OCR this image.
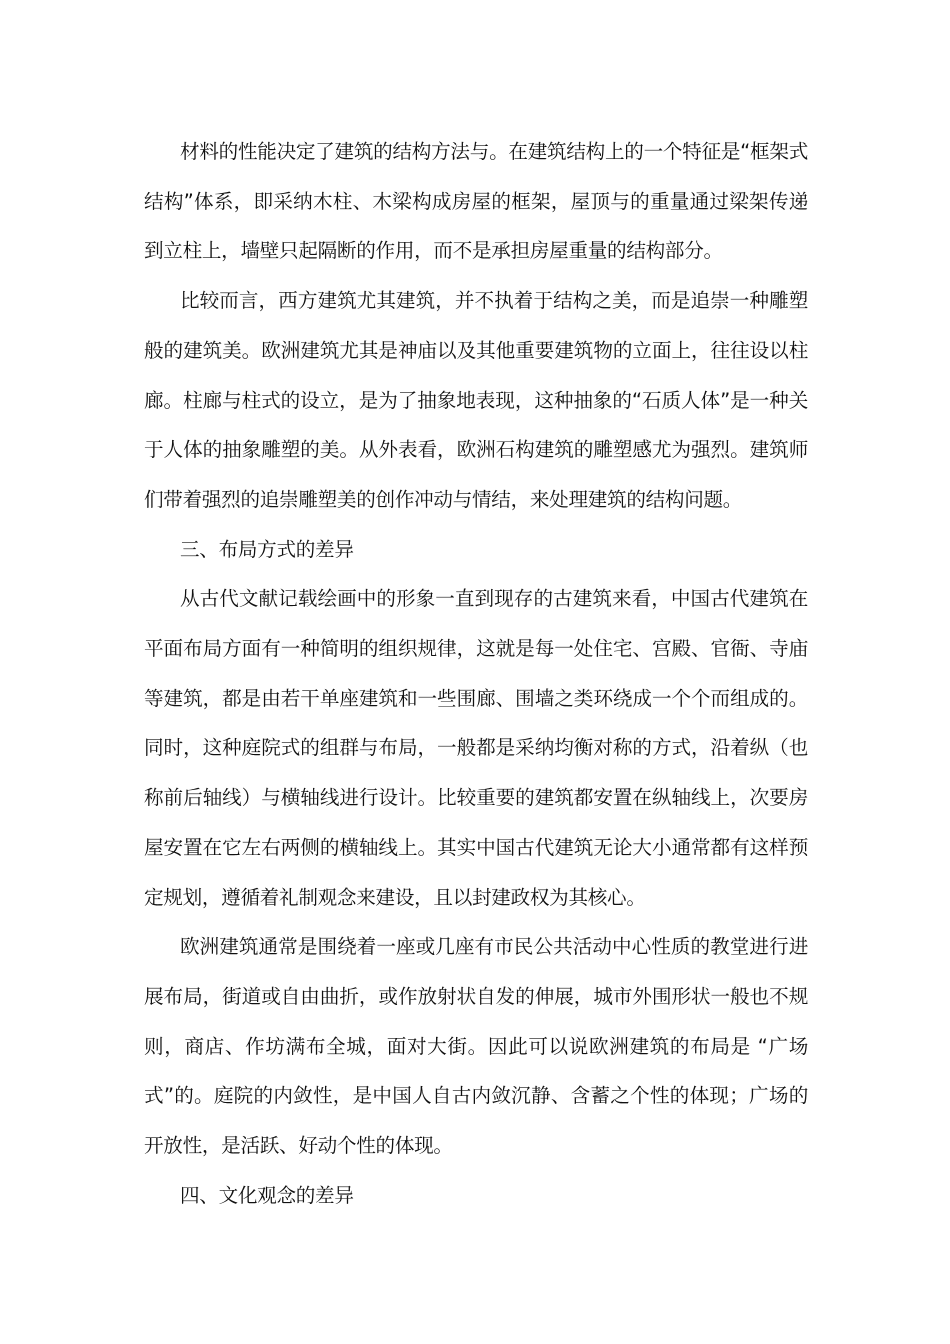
材料的性能决定了建筑的结构方法与。在建筑结构上的一个特征是“框架式结构”体系，即采纳木柱、木梁构成房屋的框架，屋顶与的重量通过梁架传递到立柱上，墙壁只起隔断的作用，而不是承担房屋重量的结构部分。

比较而言，西方建筑尤其建筑，并不执着于结构之美，而是追崇一种雕塑般的建筑美。欧洲建筑尤其是神庙以及其他重要建筑物的立面上，往往设以柱廊。柱廊与柱式的设立，是为了抽象地表现，这种抽象的“石质人体”是一种关于人体的抽象雕塑的美。从外表看，欧洲石构建筑的雕塑感尤为强烈。建筑师们带着强烈的追崇雕塑美的创作冲动与情结，来处理建筑的结构问题。

三、布局方式的差异

从古代文献记载绘画中的形象一直到现存的古建筑来看，中国古代建筑在平面布局方面有一种简明的组织规律，这就是每一处住宅、宫殿、官衙、寺庙等建筑，都是由若干单座建筑和一些围廊、围墙之类环绕成一个个而组成的。同时，这种庭院式的组群与布局，一般都是采纳均衡对称的方式，沿着纵（也称前后轴线）与横轴线进行设计。比较重要的建筑都安置在纵轴线上，次要房屋安置在它左右两侧的横轴线上。其实中国古代建筑无论大小通常都有这样预定规划，遵循着礼制观念来建设，且以封建政权为其核心。

欧洲建筑通常是围绕着一座或几座有市民公共活动中心性质的教堂进行进展布局，街道或自由曲折，或作放射状自发的伸展，城市外围形状一般也不规则，商店、作坊满布全城，面对大街。因此可以说欧洲建筑的布局是 “广场式”的。庭院的内敛性，是中国人自古内敛沉静、含蓄之个性的体现；广场的开放性，是活跃、好动个性的体现。

四、文化观念的差异
